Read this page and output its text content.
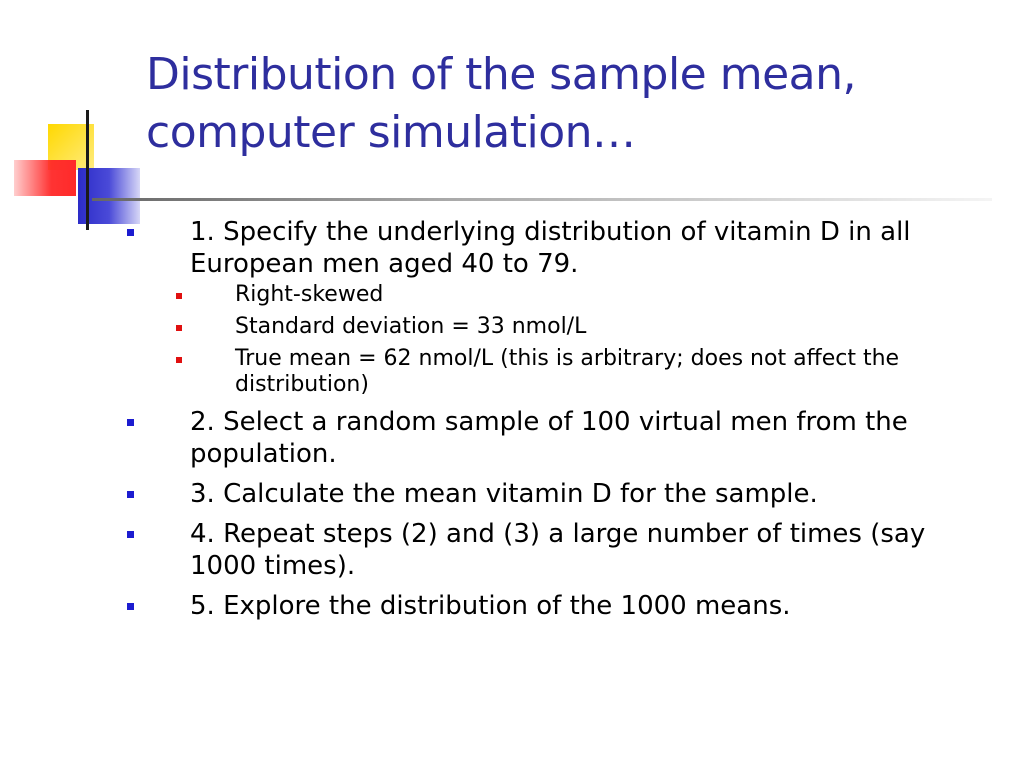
Distribution of the sample mean,
computer simulation…
1. Specify the underlying distribution of vitamin D in all European men aged 40 to 79.
Right-skewed
Standard deviation = 33 nmol/L
True mean = 62 nmol/L (this is arbitrary; does not affect the distribution)
2. Select a random sample of 100 virtual men from the population.
3. Calculate the mean vitamin D for the sample.
4. Repeat steps (2) and (3) a large number of times (say 1000 times).
5. Explore the distribution of the 1000 means.
